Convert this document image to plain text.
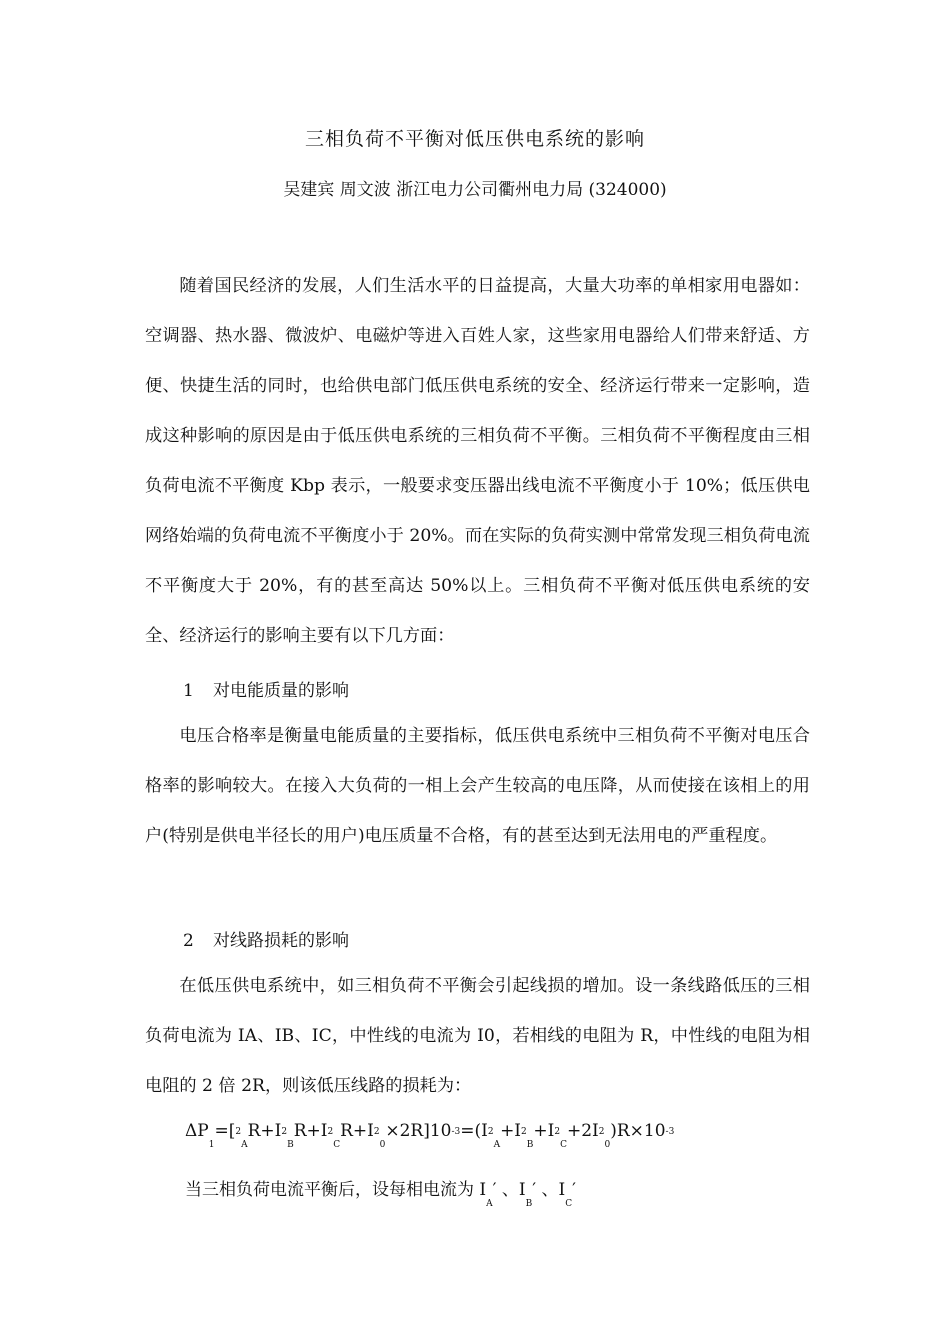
三相负荷不平衡对低压供电系统的影响
吴建宾 周文波 浙江电力公司衢州电力局 (324000)

随着国民经济的发展，人们生活水平的日益提高，大量大功率的单相家用电器如：空调器、热水器、微波炉、电磁炉等进入百姓人家，这些家用电器给人们带来舒适、方便、快捷生活的同时，也给供电部门低压供电系统的安全、经济运行带来一定影响，造成这种影响的原因是由于低压供电系统的三相负荷不平衡。三相负荷不平衡程度由三相负荷电流不平衡度 Kbp 表示，一般要求变压器出线电流不平衡度小于 10%；低压供电网络始端的负荷电流不平衡度小于 20%。而在实际的负荷实测中常常发现三相负荷电流不平衡度大于 20%，有的甚至高达 50%以上。三相负荷不平衡对低压供电系统的安全、经济运行的影响主要有以下几方面：

1 对电能质量的影响

电压合格率是衡量电能质量的主要指标，低压供电系统中三相负荷不平衡对电压合格率的影响较大。在接入大负荷的一相上会产生较高的电压降，从而使接在该相上的用户(特别是供电半径长的用户)电压质量不合格，有的甚至达到无法用电的严重程度。

2 对线路损耗的影响

在低压供电系统中，如三相负荷不平衡会引起线损的增加。设一条线路低压的三相负荷电流为 IA、IB、IC，中性线的电流为 I0，若相线的电阻为 R，中性线的电阻为相电阻的 2 倍 2R，则该低压线路的损耗为：

$\Delta P_1=[^2_AR+I^2_BR+I^2_CR+I^2_0\times 2R]10^{-3}=(I^2_A+I^2_B+I^2_C+2I^2_0)R\times 10^{-3}$
当三相负荷电流平衡后，设每相电流为 $I_A'$ 、$I_B'$ 、$I_C'$
